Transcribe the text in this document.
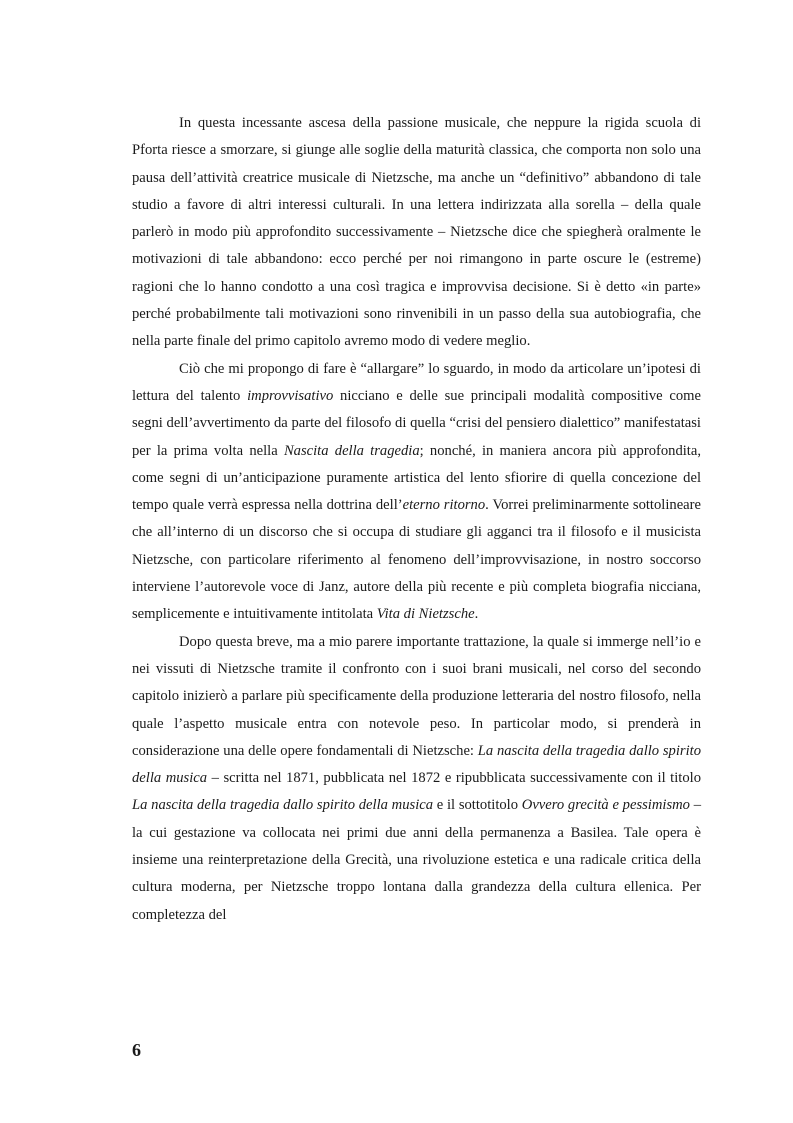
In questa incessante ascesa della passione musicale, che neppure la rigida scuola di Pforta riesce a smorzare, si giunge alle soglie della maturità classica, che comporta non solo una pausa dell’attività creatrice musicale di Nietzsche, ma anche un “definitivo” abbandono di tale studio a favore di altri interessi culturali. In una lettera indirizzata alla sorella – della quale parlerò in modo più approfondito successivamente – Nietzsche dice che spiegherà oralmente le motivazioni di tale abbandono: ecco perché per noi rimangono in parte oscure le (estreme) ragioni che lo hanno condotto a una così tragica e improvvisa decisione. Si è detto «in parte» perché probabilmente tali motivazioni sono rinvenibili in un passo della sua autobiografia, che nella parte finale del primo capitolo avremo modo di vedere meglio.

Ciò che mi propongo di fare è “allargare” lo sguardo, in modo da articolare un’ipotesi di lettura del talento improvvisativo nicciano e delle sue principali modalità compositive come segni dell’avvertimento da parte del filosofo di quella “crisi del pensiero dialettico” manifestatasi per la prima volta nella Nascita della tragedia; nonché, in maniera ancora più approfondita, come segni di un’anticipazione puramente artistica del lento sfiorire di quella concezione del tempo quale verrà espressa nella dottrina dell’eterno ritorno. Vorrei preliminarmente sottolineare che all’interno di un discorso che si occupa di studiare gli agganci tra il filosofo e il musicista Nietzsche, con particolare riferimento al fenomeno dell’improvvisazione, in nostro soccorso interviene l’autorevole voce di Janz, autore della più recente e più completa biografia nicciana, semplicemente e intuitivamente intitolata Vita di Nietzsche.

Dopo questa breve, ma a mio parere importante trattazione, la quale si immerge nell’io e nei vissuti di Nietzsche tramite il confronto con i suoi brani musicali, nel corso del secondo capitolo inizierò a parlare più specificamente della produzione letteraria del nostro filosofo, nella quale l’aspetto musicale entra con notevole peso. In particolar modo, si prenderà in considerazione una delle opere fondamentali di Nietzsche: La nascita della tragedia dallo spirito della musica – scritta nel 1871, pubblicata nel 1872 e ripubblicata successivamente con il titolo La nascita della tragedia dallo spirito della musica e il sottotitolo Ovvero grecità e pessimismo – la cui gestazione va collocata nei primi due anni della permanenza a Basilea. Tale opera è insieme una reinterpretazione della Grecità, una rivoluzione estetica e una radicale critica della cultura moderna, per Nietzsche troppo lontana dalla grandezza della cultura ellenica. Per completezza del

6
